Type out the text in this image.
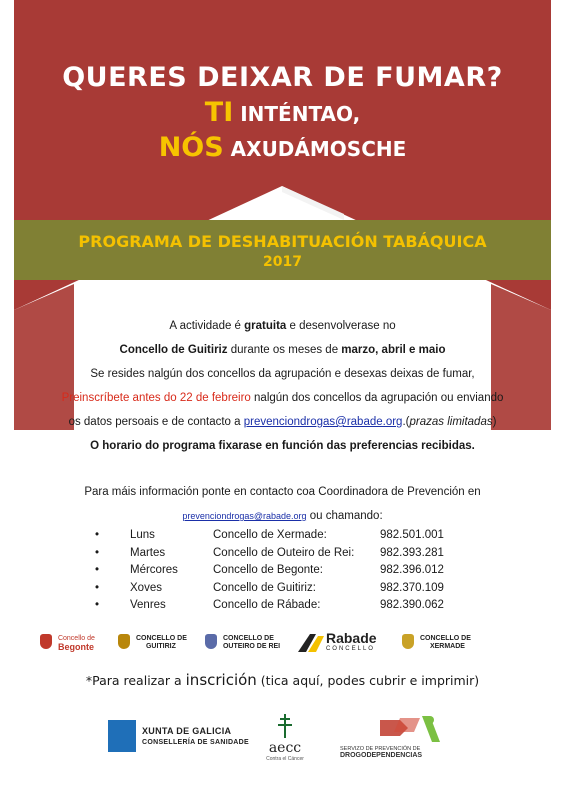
QUERES DEIXAR DE FUMAR?
TI INTÉNTAO,
NÓS AXUDÁMOSCHE
PROGRAMA DE DESHABITUACIÓN TABÁQUICA
2017
A actividade é gratuita e desenvolverase no
Concello de Guitiriz durante os meses de marzo, abril e maio
Se resides nalgún dos concellos da agrupación e desexas deixas de fumar,
Preinscríbete antes do 22 de febreiro nalgún dos concellos da agrupación ou enviando
os datos persoais e de contacto a prevenciondrogas@rabade.org.(prazas limitadas)
O horario do programa fixarase en función das preferencias recibidas.
Para máis información ponte en contacto coa Coordinadora de Prevención en
prevenciondrogas@rabade.org ou chamando:
•	Luns	Concello de Xermade:	982.501.001
•	Martes	Concello de Outeiro de Rei: 982.393.281
•	Mércores	Concello de Begonte:	982.396.012
•	Xoves	Concello de Guitiriz:	982.370.109
•	Venres	Concello de Rábade:	982.390.062

Concello de
Begonte

CONCELLO DE
GUITIRIZ

CONCELLO DE
OUTEIRO DE REI

Rabade
CONCELLO

CONCELLO DE
XERMADE
*Para realizar a inscrición (tica aquí, podes cubrir e imprimir)
XUNTA DE GALICIA
CONSELLERÍA DE SANIDADE	aecc
Contra el Cáncer
SERVIZO DE PREVENCIÓN DE
DROGODEPENDENCIAS
